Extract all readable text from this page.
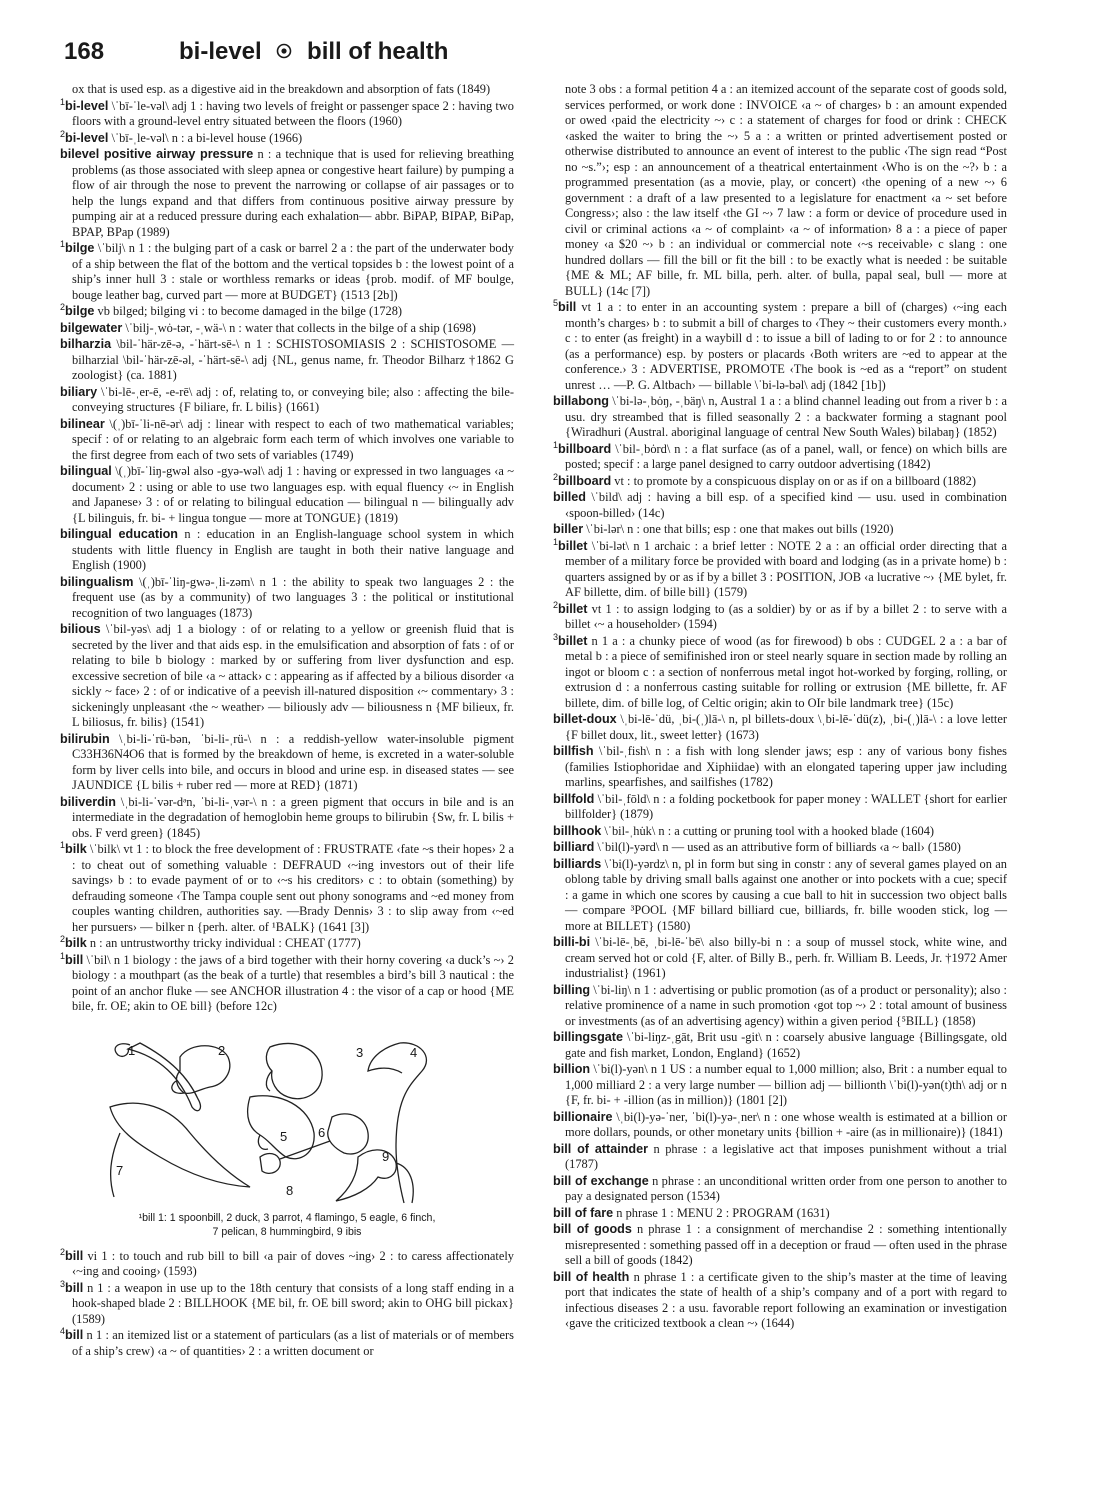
168	bi-level bill of health
ox that is used esp. as a digestive aid in the breakdown and absorption of fats (1849)
$^1$bi-level \ˈbī-ˈle-vəl\ adj 1 : having two levels of freight or passenger space 2 : having two floors with a ground-level entry situated between the floors (1960)
$^2$bi-level \ˈbī-ˌle-vəl\ n : a bi-level house (1966)
bilevel positive airway pressure n : a technique that is used for relieving breathing problems (as those associated with sleep apnea or congestive heart failure) by pumping a flow of air through the nose to prevent the narrowing or collapse of air passages or to help the lungs expand and that differs from continuous positive airway pressure by pumping air at a reduced pressure during each exhalation— abbr. BiPAP, BIPAP, BiPap, BPAP, BPap (1989)
$^1$bilge \ˈbilj\ n 1 : the bulging part of a cask or barrel 2 a : the part of the underwater body of a ship between the flat of the bottom and the vertical topsides b : the lowest point of a ship’s inner hull 3 : stale or worthless remarks or ideas {prob. modif. of MF boulge, bouge leather bag, curved part — more at BUDGET} (1513 [2b])
$^2$bilge vb bilged; bilging vi : to become damaged in the bilge (1728)
bilgewater \ˈbilj-ˌwȯ-tər, -ˌwä-\ n : water that collects in the bilge of a ship (1698)
bilharzia \bil-ˈhär-zē-ə, -ˈhärt-sē-\ n 1 : SCHISTOSOMIASIS 2 : SCHISTOSOME — bilharzial \bil-ˈhär-zē-əl, -ˈhärt-sē-\ adj {NL, genus name, fr. Theodor Bilharz †1862 G zoologist} (ca. 1881)
biliary \ˈbi-lē-ˌer-ē, -e-rē\ adj : of, relating to, or conveying bile; also : affecting the bile-conveying structures {F biliare, fr. L bilis} (1661)
bilinear \(ˌ)bī-ˈli-nē-ər\ adj : linear with respect to each of two mathematical variables; specif : of or relating to an algebraic form each term of which involves one variable to the first degree from each of two sets of variables (1749)
bilingual \(ˌ)bī-ˈliŋ-gwəl also -gyə-wəl\ adj 1 : having or expressed in two languages ‹a ~ document› 2 : using or able to use two languages esp. with equal fluency ‹~ in English and Japanese› 3 : of or relating to bilingual education — bilingual n — bilingually adv {L bilinguis, fr. bi- + lingua tongue — more at TONGUE} (1819)
bilingual education n : education in an English-language school system in which students with little fluency in English are taught in both their native language and English (1900)
bilingualism \(ˌ)bī-ˈliŋ-gwə-ˌli-zəm\ n 1 : the ability to speak two languages 2 : the frequent use (as by a community) of two languages 3 : the political or institutional recognition of two languages (1873)
bilious \ˈbil-yəs\ adj 1 a biology : of or relating to a yellow or greenish fluid that is secreted by the liver and that aids esp. in the emulsification and absorption of fats : of or relating to bile b biology : marked by or suffering from liver dysfunction and esp. excessive secretion of bile ‹a ~ attack› c : appearing as if affected by a bilious disorder ‹a sickly ~ face› 2 : of or indicative of a peevish ill-natured disposition ‹~ commentary› 3 : sickeningly unpleasant ‹the ~ weather› — biliously adv — biliousness n {MF bilieux, fr. L biliosus, fr. bilis} (1541)
bilirubin \ˌbi-li-ˈrü-bən, ˈbi-li-ˌrü-\ n : a reddish-yellow water-insoluble pigment C33H36N4O6 that is formed by the breakdown of heme, is excreted in a water-soluble form by liver cells into bile, and occurs in blood and urine esp. in diseased states — see JAUNDICE {L bilis + ruber red — more at RED} (1871)
biliverdin \ˌbi-li-ˈvər-dᵊn, ˈbi-li-ˌvər-\ n : a green pigment that occurs in bile and is an intermediate in the degradation of hemoglobin heme groups to bilirubin {Sw, fr. L bilis + obs. F verd green} (1845)
$^1$bilk \ˈbilk\ vt 1 : to block the free development of : FRUSTRATE ‹fate ~s their hopes› 2 a : to cheat out of something valuable : DEFRAUD ‹~ing investors out of their life savings› b : to evade payment of or to ‹~s his creditors› c : to obtain (something) by defrauding someone ‹The Tampa couple sent out phony sonograms and ~ed money from couples wanting children, authorities say. —Brady Dennis› 3 : to slip away from ‹~ed her pursuers› — bilker n {perh. alter. of ¹BALK} (1641 [3])
$^2$bilk n : an untrustworthy tricky individual : CHEAT (1777)
$^1$bill \ˈbil\ n 1 biology : the jaws of a bird together with their horny covering ‹a duck’s ~› 2 biology : a mouthpart (as the beak of a turtle) that resembles a bird’s bill 3 nautical : the point of an anchor fluke — see ANCHOR illustration 4 : the visor of a cap or hood {ME bile, fr. OE; akin to OE bill} (before 12c)
1	2	3	4
5 6
7
8
9
¹bill 1: 1 spoonbill, 2 duck, 3 parrot, 4 flamingo, 5 eagle, 6 finch,
7 pelican, 8 hummingbird, 9 ibis
$^2$bill vi 1 : to touch and rub bill to bill ‹a pair of doves ~ing› 2 : to caress affectionately ‹~ing and cooing› (1593)
$^3$bill n 1 : a weapon in use up to the 18th century that consists of a long staff ending in a hook-shaped blade 2 : BILLHOOK {ME bil, fr. OE bill sword; akin to OHG bill pickax} (1589)
$^4$bill n 1 : an itemized list or a statement of particulars (as a list of materials or of members of a ship’s crew) ‹a ~ of quantities› 2 : a written document or
note 3 obs : a formal petition 4 a : an itemized account of the separate cost of goods sold, services performed, or work done : INVOICE ‹a ~ of charges› b : an amount expended or owed ‹paid the electricity ~› c : a statement of charges for food or drink : CHECK ‹asked the waiter to bring the ~› 5 a : a written or printed advertisement posted or otherwise distributed to announce an event of interest to the public ‹The sign read “Post no ~s.”›; esp : an announcement of a theatrical entertainment ‹Who is on the ~?› b : a programmed presentation (as a movie, play, or concert) ‹the opening of a new ~› 6 government : a draft of a law presented to a legislature for enactment ‹a ~ set before Congress›; also : the law itself ‹the GI ~› 7 law : a form or device of procedure used in civil or criminal actions ‹a ~ of complaint› ‹a ~ of information› 8 a : a piece of paper money ‹a $20 ~› b : an individual or commercial note ‹~s receivable› c slang : one hundred dollars — fill the bill or fit the bill : to be exactly what is needed : be suitable {ME & ML; AF bille, fr. ML billa, perh. alter. of bulla, papal seal, bull — more at BULL} (14c [7])
$^5$bill vt 1 a : to enter in an accounting system : prepare a bill of (charges) ‹~ing each month’s charges› b : to submit a bill of charges to ‹They ~ their customers every month.› c : to enter (as freight) in a waybill d : to issue a bill of lading to or for 2 : to announce (as a performance) esp. by posters or placards ‹Both writers are ~ed to appear at the conference.› 3 : ADVERTISE, PROMOTE ‹The book is ~ed as a “report” on student unrest … —P. G. Altbach› — billable \ˈbi-lə-bəl\ adj (1842 [1b])
billabong \ˈbi-lə-ˌbȯŋ, -ˌbäŋ\ n, Austral 1 a : a blind channel leading out from a river b : a usu. dry streambed that is filled seasonally 2 : a backwater forming a stagnant pool {Wiradhuri (Austral. aboriginal language of central New South Wales) bilabaŋ} (1852)
$^1$billboard \ˈbil-ˌbȯrd\ n : a flat surface (as of a panel, wall, or fence) on which bills are posted; specif : a large panel designed to carry outdoor advertising (1842)
$^2$billboard vt : to promote by a conspicuous display on or as if on a billboard (1882)
billed \ˈbild\ adj : having a bill esp. of a specified kind — usu. used in combination ‹spoon-billed› (14c)
biller \ˈbi-lər\ n : one that bills; esp : one that makes out bills (1920)
$^1$billet \ˈbi-lət\ n 1 archaic : a brief letter : NOTE 2 a : an official order directing that a member of a military force be provided with board and lodging (as in a private home) b : quarters assigned by or as if by a billet 3 : POSITION, JOB ‹a lucrative ~› {ME bylet, fr. AF billette, dim. of bille bill} (1579)
$^2$billet vt 1 : to assign lodging to (as a soldier) by or as if by a billet 2 : to serve with a billet ‹~ a householder› (1594)
$^3$billet n 1 a : a chunky piece of wood (as for firewood) b obs : CUDGEL 2 a : a bar of metal b : a piece of semifinished iron or steel nearly square in section made by rolling an ingot or bloom c : a section of nonferrous metal ingot hot-worked by forging, rolling, or extrusion d : a nonferrous casting suitable for rolling or extrusion {ME billette, fr. AF billete, dim. of bille log, of Celtic origin; akin to OIr bile landmark tree} (15c)
billet-doux \ˌbi-lē-ˈdü, ˌbi-(ˌ)lā-\ n, pl billets-doux \ˌbi-lē-ˈdü(z), ˌbi-(ˌ)lā-\ : a love letter {F billet doux, lit., sweet letter} (1673)
billfish \ˈbil-ˌfish\ n : a fish with long slender jaws; esp : any of various bony fishes (families Istiophoridae and Xiphiidae) with an elongated tapering upper jaw including marlins, spearfishes, and sailfishes (1782)
billfold \ˈbil-ˌfōld\ n : a folding pocketbook for paper money : WALLET {short for earlier billfolder} (1879)
billhook \ˈbil-ˌhu̇k\ n : a cutting or pruning tool with a hooked blade (1604)
billiard \ˈbil(l)-yərd\ n — used as an attributive form of billiards ‹a ~ ball› (1580)
billiards \ˈbi(l)-yərdz\ n, pl in form but sing in constr : any of several games played on an oblong table by driving small balls against one another or into pockets with a cue; specif : a game in which one scores by causing a cue ball to hit in succession two object balls — compare ³POOL {MF billard billiard cue, billiards, fr. bille wooden stick, log — more at BILLET} (1580)
billi-bi \ˈbi-lē-ˌbē, ˌbi-lē-ˈbē\ also billy-bi n : a soup of mussel stock, white wine, and cream served hot or cold {F, alter. of Billy B., perh. fr. William B. Leeds, Jr. †1972 Amer industrialist} (1961)
billing \ˈbi-liŋ\ n 1 : advertising or public promotion (as of a product or personality); also : relative prominence of a name in such promotion ‹got top ~› 2 : total amount of business or investments (as of an advertising agency) within a given period {⁵BILL} (1858)
billingsgate \ˈbi-liŋz-ˌgāt, Brit usu -git\ n : coarsely abusive language {Billingsgate, old gate and fish market, London, England} (1652)
billion \ˈbi(l)-yən\ n 1 US : a number equal to 1,000 million; also, Brit : a number equal to 1,000 milliard 2 : a very large number — billion adj — billionth \ˈbi(l)-yən(t)th\ adj or n {F, fr. bi- + -illion (as in million)} (1801 [2])
billionaire \ˌbi(l)-yə-ˈner, ˈbi(l)-yə-ˌner\ n : one whose wealth is estimated at a billion or more dollars, pounds, or other monetary units {billion + -aire (as in millionaire)} (1841)
bill of attainder n phrase : a legislative act that imposes punishment without a trial (1787)
bill of exchange n phrase : an unconditional written order from one person to another to pay a designated person (1534)
bill of fare n phrase 1 : MENU 2 : PROGRAM (1631)
bill of goods n phrase 1 : a consignment of merchandise 2 : something intentionally misrepresented : something passed off in a deception or fraud — often used in the phrase sell a bill of goods (1842)
bill of health n phrase 1 : a certificate given to the ship’s master at the time of leaving port that indicates the state of health of a ship’s company and of a port with regard to infectious diseases 2 : a usu. favorable report following an examination or investigation ‹gave the criticized textbook a clean ~› (1644)
